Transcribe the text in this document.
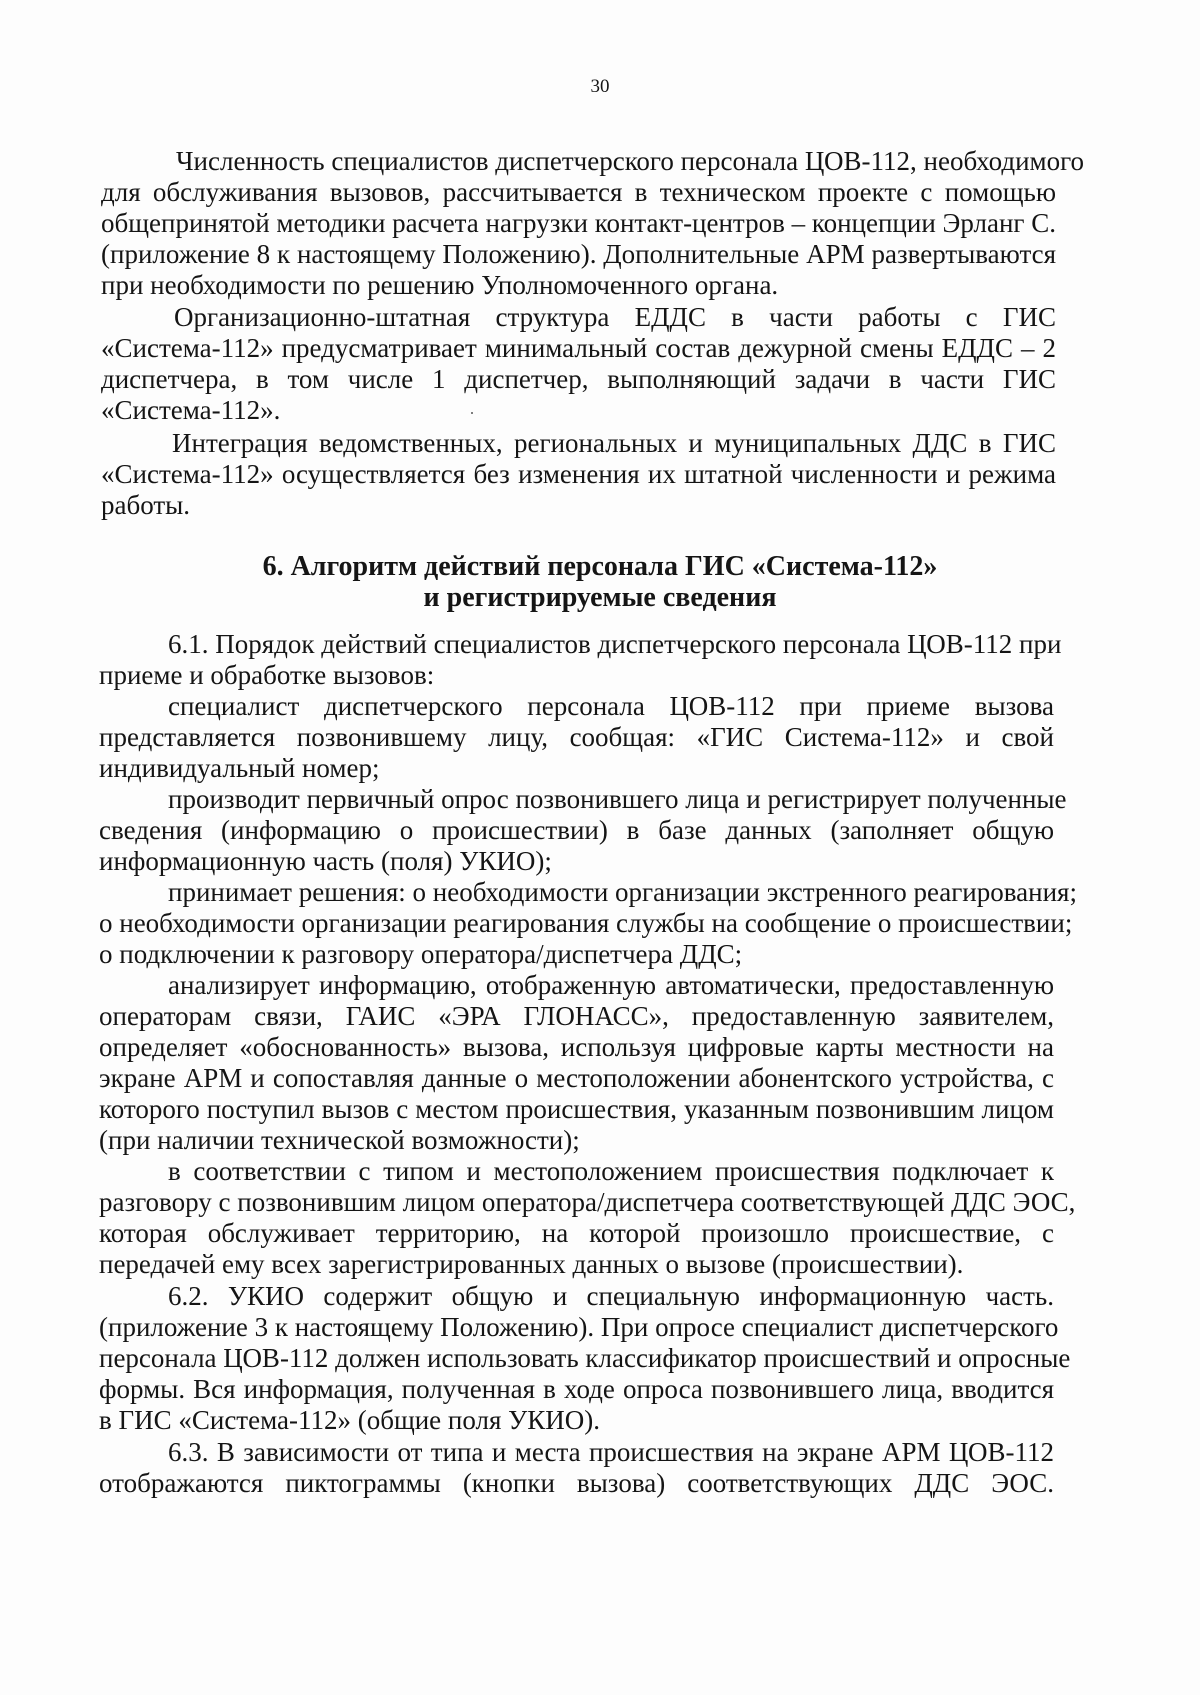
30
Численность специалистов диспетчерского персонала ЦОВ-112, необходимого
для обслуживания вызовов, рассчитывается в техническом проекте с помощью
общепринятой методики расчета нагрузки контакт-центров – концепции Эрланг С.
(приложение 8 к настоящему Положению). Дополнительные АРМ развертываются
при необходимости по решению Уполномоченного органа.
Организационно-штатная структура ЕДДС в части работы с ГИС
«Система-112» предусматривает минимальный состав дежурной смены ЕДДС – 2
диспетчера, в том числе 1 диспетчер, выполняющий задачи в части ГИС
«Система-112».
Интеграция ведомственных, региональных и муниципальных ДДС в ГИС
«Система-112» осуществляется без изменения их штатной численности и режима
работы.
6. Алгоритм действий персонала ГИС «Система-112»
и регистрируемые сведения
6.1. Порядок действий специалистов диспетчерского персонала ЦОВ-112 при
приеме и обработке вызовов:
специалист диспетчерского персонала ЦОВ-112 при приеме вызова
представляется позвонившему лицу, сообщая: «ГИС Система-112» и свой
индивидуальный номер;
производит первичный опрос позвонившего лица и регистрирует полученные
сведения (информацию о происшествии) в базе данных (заполняет общую
информационную часть (поля) УКИО);
принимает решения: о необходимости организации экстренного реагирования;
о необходимости организации реагирования службы на сообщение о происшествии;
о подключении к разговору оператора/диспетчера ДДС;
анализирует информацию, отображенную автоматически, предоставленную
операторам связи, ГАИС «ЭРА ГЛОНАСС», предоставленную заявителем,
определяет «обоснованность» вызова, используя цифровые карты местности на
экране АРМ и сопоставляя данные о местоположении абонентского устройства, с
которого поступил вызов с местом происшествия, указанным позвонившим лицом
(при наличии технической возможности);
в соответствии с типом и местоположением происшествия подключает к
разговору с позвонившим лицом оператора/диспетчера соответствующей ДДС ЭОС,
которая обслуживает территорию, на которой произошло происшествие, с
передачей ему всех зарегистрированных данных о вызове (происшествии).
6.2. УКИО содержит общую и специальную информационную часть.
(приложение 3 к настоящему Положению). При опросе специалист диспетчерского
персонала ЦОВ-112 должен использовать классификатор происшествий и опросные
формы. Вся информация, полученная в ходе опроса позвонившего лица, вводится
в ГИС «Система-112» (общие поля УКИО).
6.3. В зависимости от типа и места происшествия на экране АРМ ЦОВ-112
отображаются пиктограммы (кнопки вызова) соответствующих ДДС ЭОС.
